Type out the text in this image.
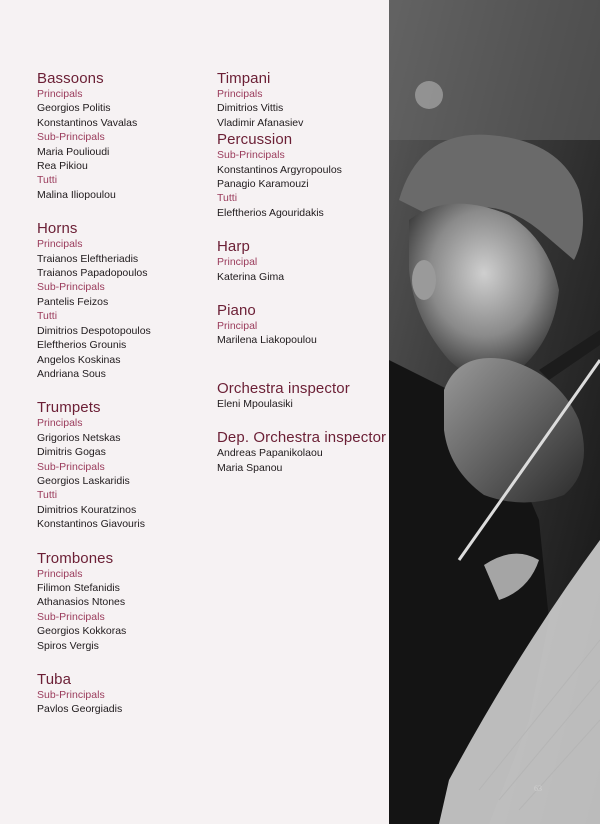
Bassoons
Principals
Georgios Politis
Konstantinos Vavalas
Sub-Principals
Maria Poulioudi
Rea Pikiou
Tutti
Malina Iliopoulou
Horns
Principals
Traianos Eleftheriadis
Traianos Papadopoulos
Sub-Principals
Pantelis Feizos
Tutti
Dimitrios Despotopoulos
Eleftherios Grounis
Angelos Koskinas
Andriana Sous
Trumpets
Principals
Grigorios Netskas
Dimitris Gogas
Sub-Principals
Georgios Laskaridis
Tutti
Dimitrios Kouratzinos
Konstantinos Giavouris
Trombones
Principals
Filimon Stefanidis
Athanasios Ntones
Sub-Principals
Georgios Kokkoras
Spiros Vergis
Tuba
Sub-Principals
Pavlos Georgiadis
Timpani
Principals
Dimitrios Vittis
Vladimir Afanasiev
Percussion
Sub-Principals
Konstantinos Argyropoulos
Panagio Karamouzi
Tutti
Eleftherios Agouridakis
Harp
Principal
Katerina Gima
Piano
Principal
Marilena Liakopoulou
Orchestra inspector
Eleni Mpoulasiki
Dep. Orchestra inspector
Andreas Papanikolaou
Maria Spanou
63
